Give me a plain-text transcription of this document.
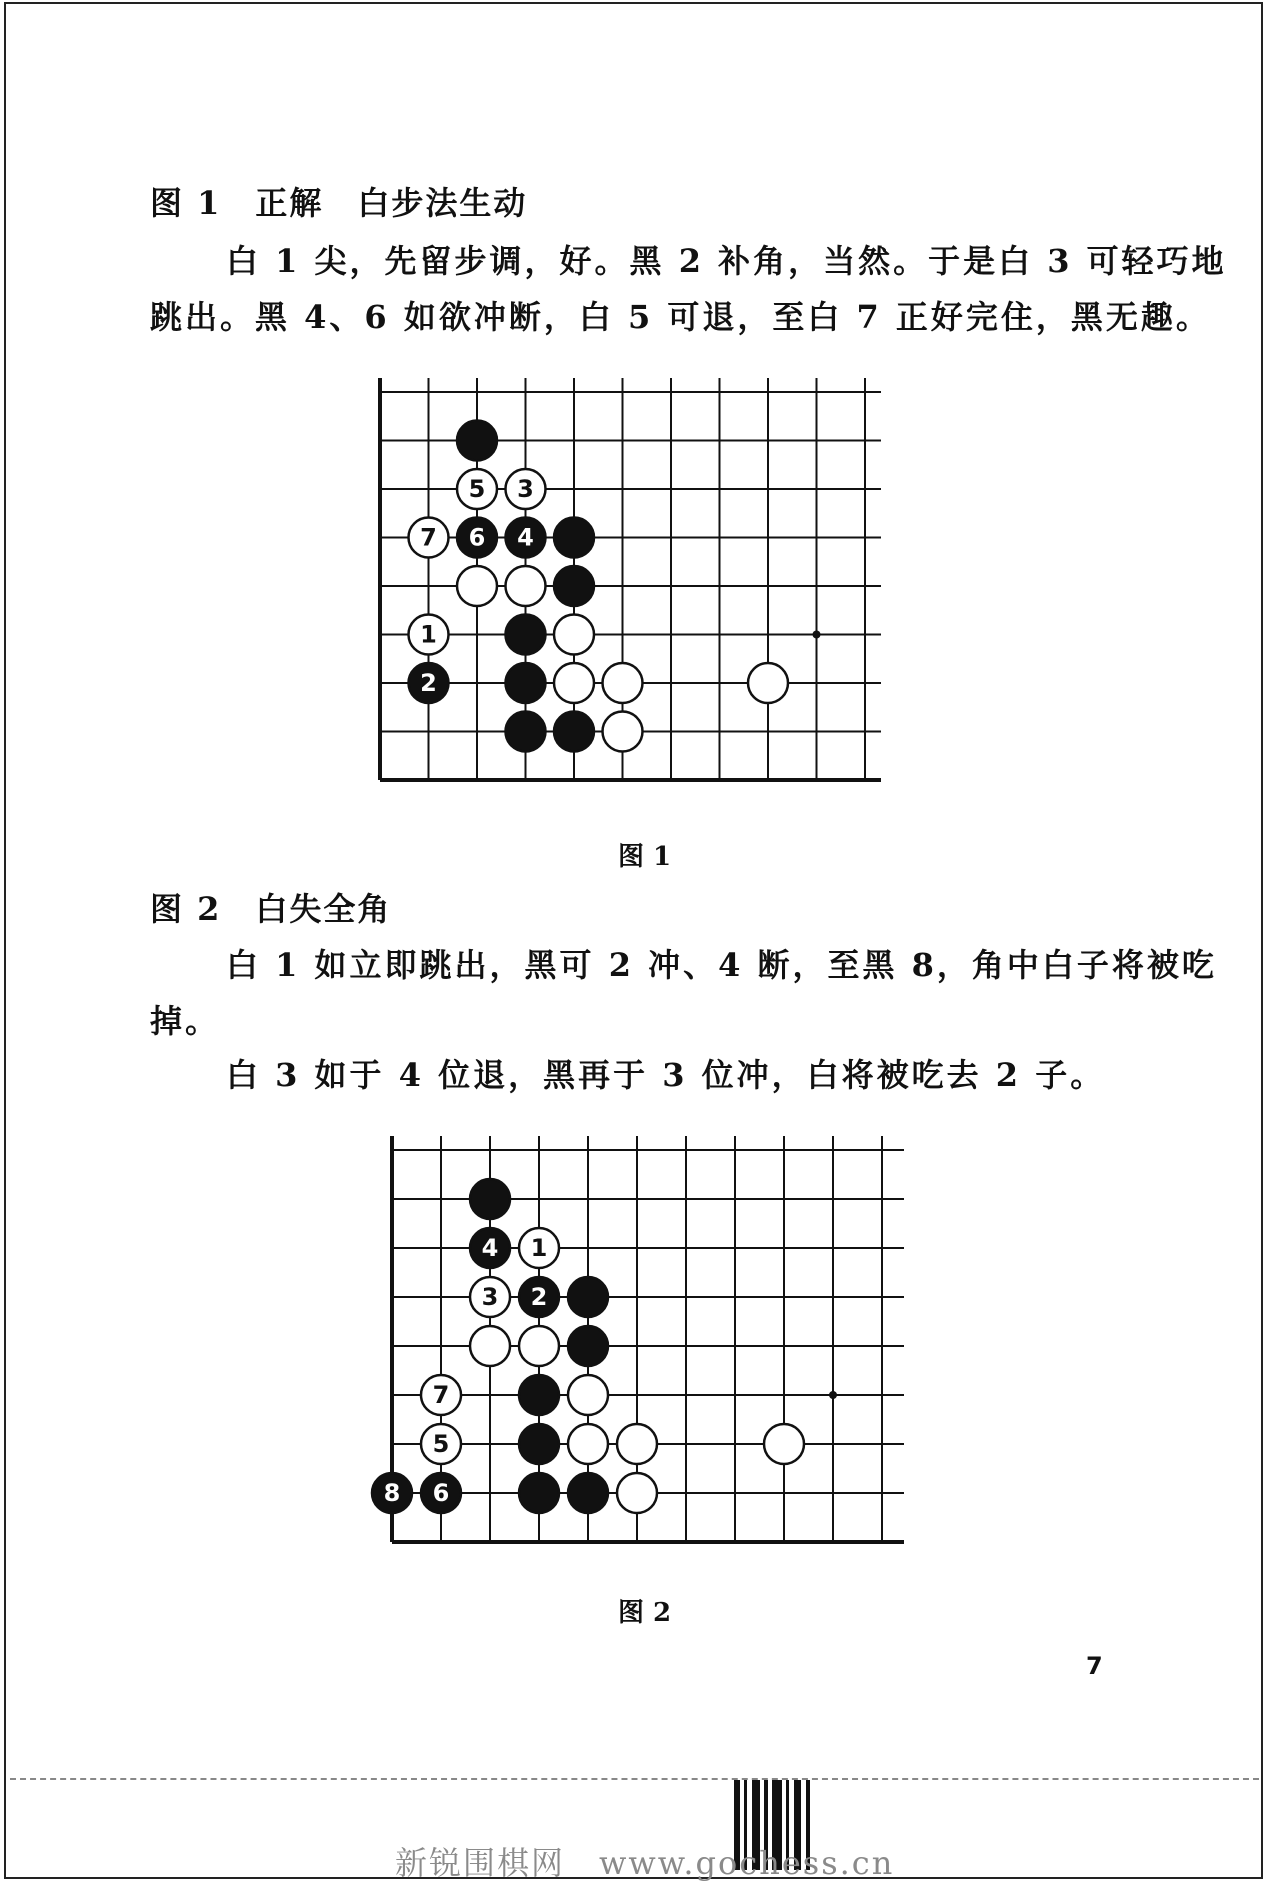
图 1　正解　白步法生动
白 1 尖，先留步调，好。黑 2 补角，当然。于是白 3 可轻巧地
跳出。黑 4、6 如欲冲断，白 5 可退，至白 7 正好完住，黑无趣。
5 3
7 6 4
1
2
图 1
图 2　白失全角
白 1 如立即跳出，黑可 2 冲、4 断，至黑 8，角中白子将被吃
掉。
白 3 如于 4 位退，黑再于 3 位冲，白将被吃去 2 子。
4 1
3 2
7
5
8 6
图 2
7
新锐围棋网　www.gochess.cn
